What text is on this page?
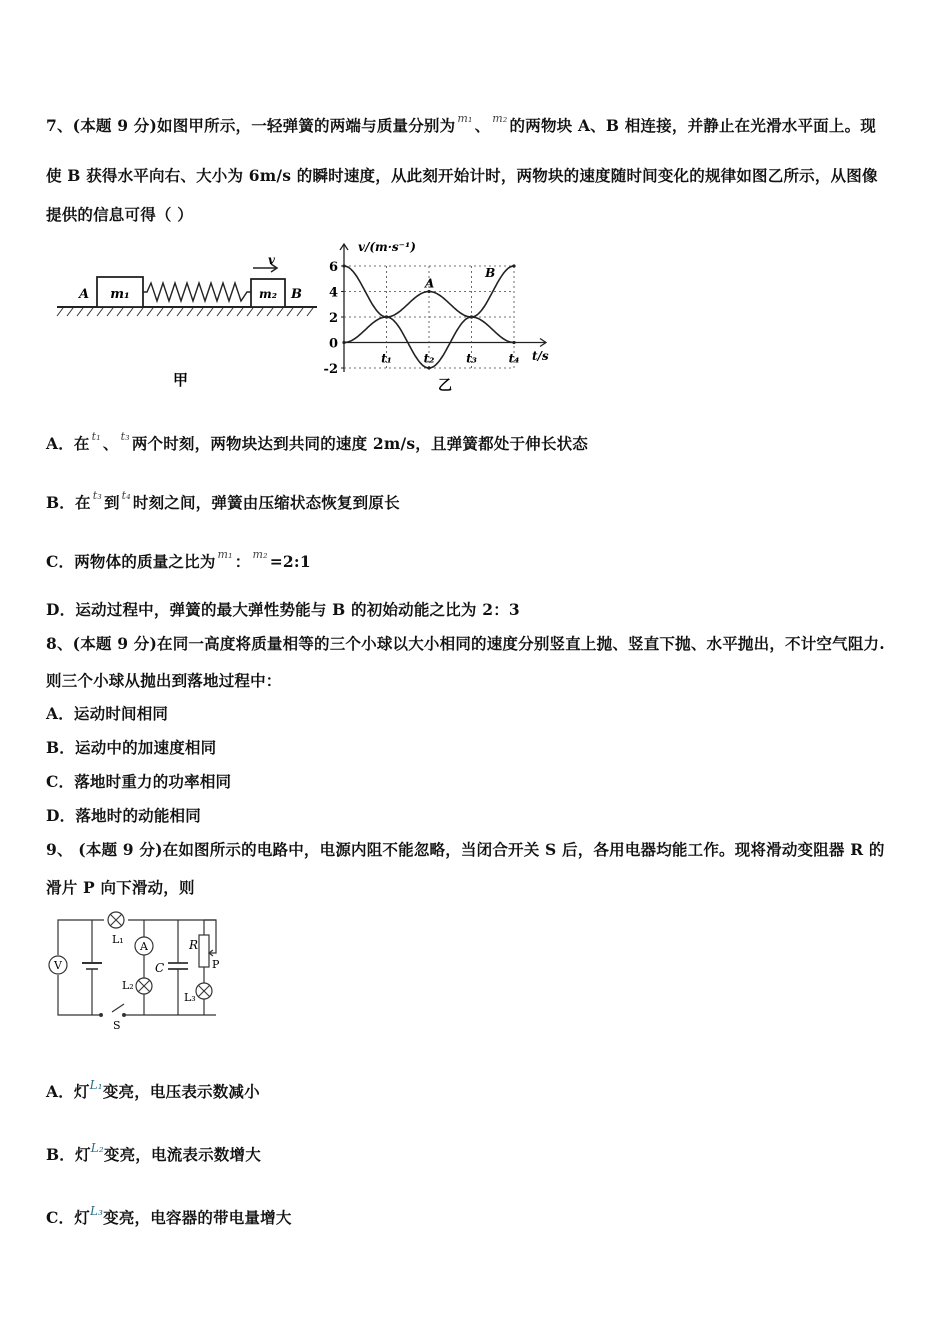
7、(本题 9 分)如图甲所示，一轻弹簧的两端与质量分别为 $^{m_1}$ 、 $^{m_2}$ 的两物块 A、B 相连接，并静止在光滑水平面上。现
使 B 获得水平向右、大小为 6m/s 的瞬时速度，从此刻开始计时，两物块的速度随时间变化的规律如图乙所示，从图像
提供的信息可得（ ）
m₁	m₂
A	B
v
甲
v/(m·s⁻¹)
t/s
乙
6
4
2
0
-2
t₁	t₂	t₃	t₄
A
B
A．在 $^{t_1}$ 、 $^{t_3}$ 两个时刻，两物块达到共同的速度 2m/s，且弹簧都处于伸长状态
B．在 $^{t_3}$ 到 $^{t_4}$ 时刻之间，弹簧由压缩状态恢复到原长
C．两物体的质量之比为 $^{m_1}$ ： $^{m_2}$ =2:1
D．运动过程中，弹簧的最大弹性势能与 B 的初始动能之比为 2：3
8、(本题 9 分)在同一高度将质量相等的三个小球以大小相同的速度分别竖直上抛、竖直下抛、水平抛出，不计空气阻力.
则三个小球从抛出到落地过程中：
A．运动时间相同
B．运动中的加速度相同
C．落地时重力的功率相同
D．落地时的动能相同
9、 (本题 9 分)在如图所示的电路中，电源内阻不能忽略，当闭合开关 S 后，各用电器均能工作。现将滑动变阻器 R 的
滑片 P 向下滑动，则
V
L₁
A
L₂
C
R
P
L₃
S
A．灯$^{L_1}$变亮，电压表示数减小
B．灯$^{L_2}$变亮，电流表示数增大
C．灯$^{L_3}$变亮，电容器的带电量增大
